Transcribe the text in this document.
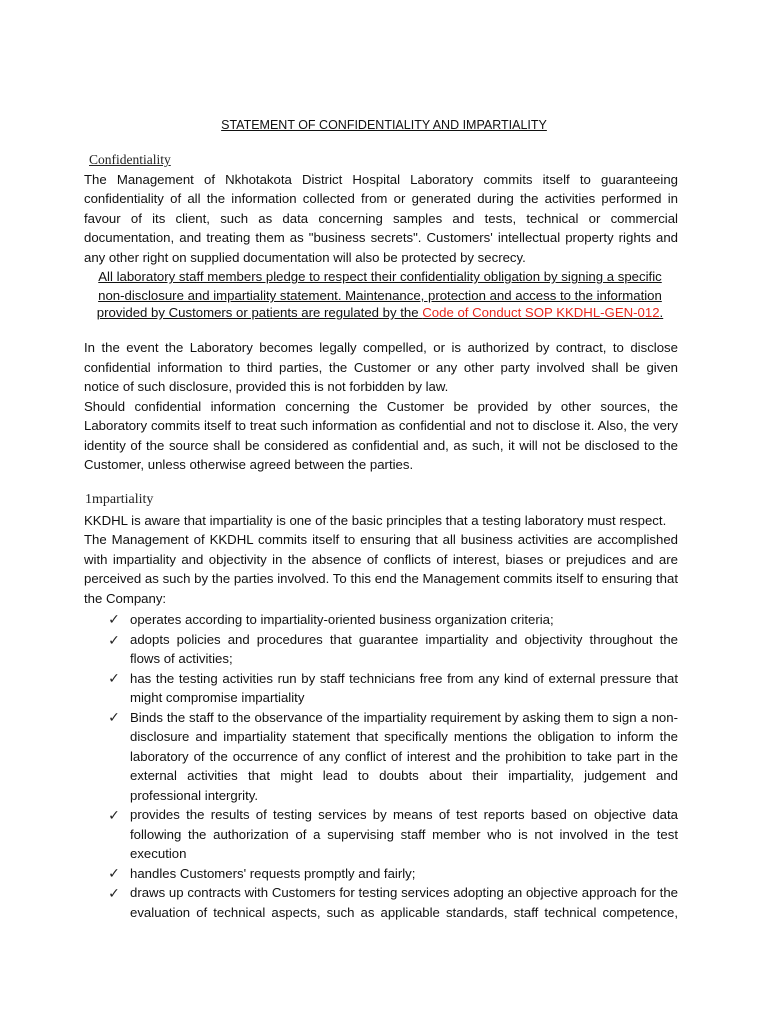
STATEMENT OF CONFIDENTIALITY AND IMPARTIALITY
Confidentiality
The Management of Nkhotakota District Hospital Laboratory commits itself to guaranteeing
confidentiality of all the information collected from or generated during the activities performed in
favour of its client, such as data concerning samples and tests, technical or commercial
documentation, and treating them as "business secrets". Customers' intellectual property rights and
any other right on supplied documentation will also be protected by secrecy.
All laboratory staff members pledge to respect their confidentiality obligation by signing a specific
non-disclosure and impartiality statement. Maintenance, protection and access to the information
provided by Customers or patients are regulated by the Code of Conduct SOP KKDHL-GEN-012.
In the event the Laboratory becomes legally compelled, or is authorized by contract, to disclose
confidential information to third parties, the Customer or any other party involved shall be given
notice of such disclosure, provided this is not forbidden by law.
Should confidential information concerning the Customer be provided by other sources, the
Laboratory commits itself to treat such information as confidential and not to disclose it. Also, the very
identity of the source shall be considered as confidential and, as such, it will not be disclosed to the
Customer, unless otherwise agreed between the parties.
1mpartiality
KKDHL is aware that impartiality is one of the basic principles that a testing laboratory must respect.
The Management of KKDHL commits itself to ensuring that all business activities are accomplished
with impartiality and objectivity in the absence of conflicts of interest, biases or prejudices and are
perceived as such by the parties involved. To this end the Management commits itself to ensuring that
the Company:
✓ operates according to impartiality-oriented business organization criteria;
✓ adopts policies and procedures that guarantee impartiality and objectivity throughout the
flows of activities;
✓ has the testing activities run by staff technicians free from any kind of external pressure that
might compromise impartiality
✓ Binds the staff to the observance of the impartiality requirement by asking them to sign a non-
disclosure and impartiality statement that specifically mentions the obligation to inform the
laboratory of the occurrence of any conflict of interest and the prohibition to take part in the
external activities that might lead to doubts about their impartiality, judgement and
professional intergrity.
✓ provides the results of testing services by means of test reports based on objective data
following the authorization of a supervising staff member who is not involved in the test
execution
✓ handles Customers' requests promptly and fairly;
✓ draws up contracts with Customers for testing services adopting an objective approach for the
evaluation of technical aspects, such as applicable standards, staff technical competence,
